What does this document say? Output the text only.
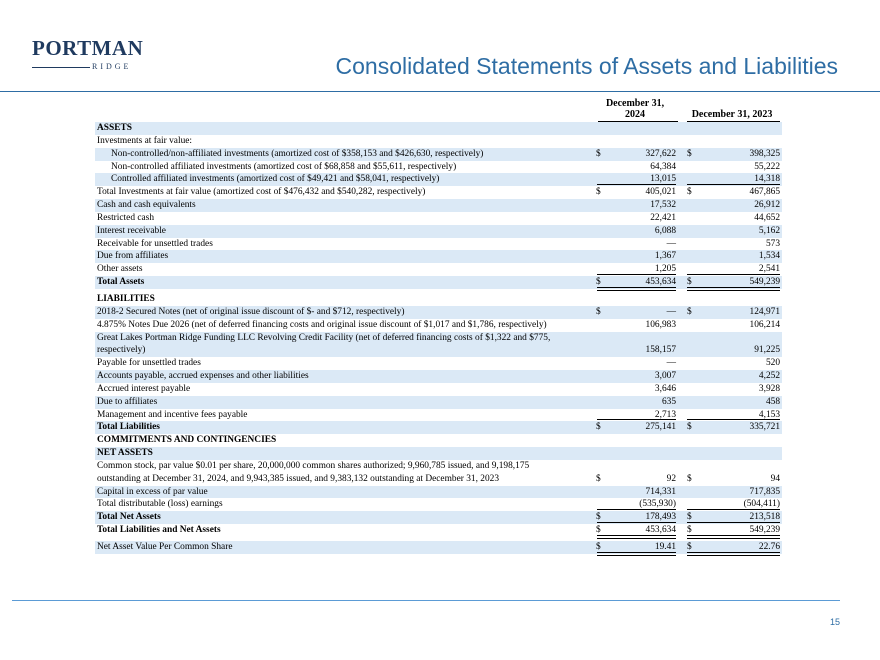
PORTMAN
RIDGE	Consolidated Statements of Assets and Liabilities
December 31,
2024	December 31, 2023
ASSETS
Investments at fair value:
Non-controlled/non-affiliated investments (amortized cost of $358,153 and $426,630, respectively)	$	327,622 $	398,325
Non-controlled affiliated investments (amortized cost of $68,858 and $55,611, respectively)	64,384	55,222
Controlled affiliated investments (amortized cost of $49,421 and $58,041, respectively)	13,015	14,318
Total Investments at fair value (amortized cost of $476,432 and $540,282, respectively)	$	405,021 $	467,865
Cash and cash equivalents	17,532	26,912
Restricted cash	22,421	44,652
Interest receivable	6,088	5,162
Receivable for unsettled trades	—	573
Due from affiliates	1,367	1,534
Other assets	1,205	2,541
Total Assets	$	453,634 $	549,239
LIABILITIES
2018-2 Secured Notes (net of original issue discount of $- and $712, respectively)	$	— $	124,971
4.875% Notes Due 2026 (net of deferred financing costs and original issue discount of $1,017 and $1,786, respectively)	106,983	106,214
Great Lakes Portman Ridge Funding LLC Revolving Credit Facility (net of deferred financing costs of $1,322 and $775,
respectively)	158,157	91,225
Payable for unsettled trades	—	520
Accounts payable, accrued expenses and other liabilities	3,007	4,252
Accrued interest payable	3,646	3,928
Due to affiliates	635	458
Management and incentive fees payable	2,713	4,153
Total Liabilities	$	275,141 $	335,721
COMMITMENTS AND CONTINGENCIES
NET ASSETS
Common stock, par value $0.01 per share, 20,000,000 common shares authorized; 9,960,785 issued, and 9,198,175
outstanding at December 31, 2024, and 9,943,385 issued, and 9,383,132 outstanding at December 31, 2023	$	92 $	94
Capital in excess of par value	714,331	717,835
Total distributable (loss) earnings	(535,930)	(504,411)
Total Net Assets	$	178,493 $	213,518
Total Liabilities and Net Assets	$	453,634 $	549,239
Net Asset Value Per Common Share	$	19.41 $	22.76
15
